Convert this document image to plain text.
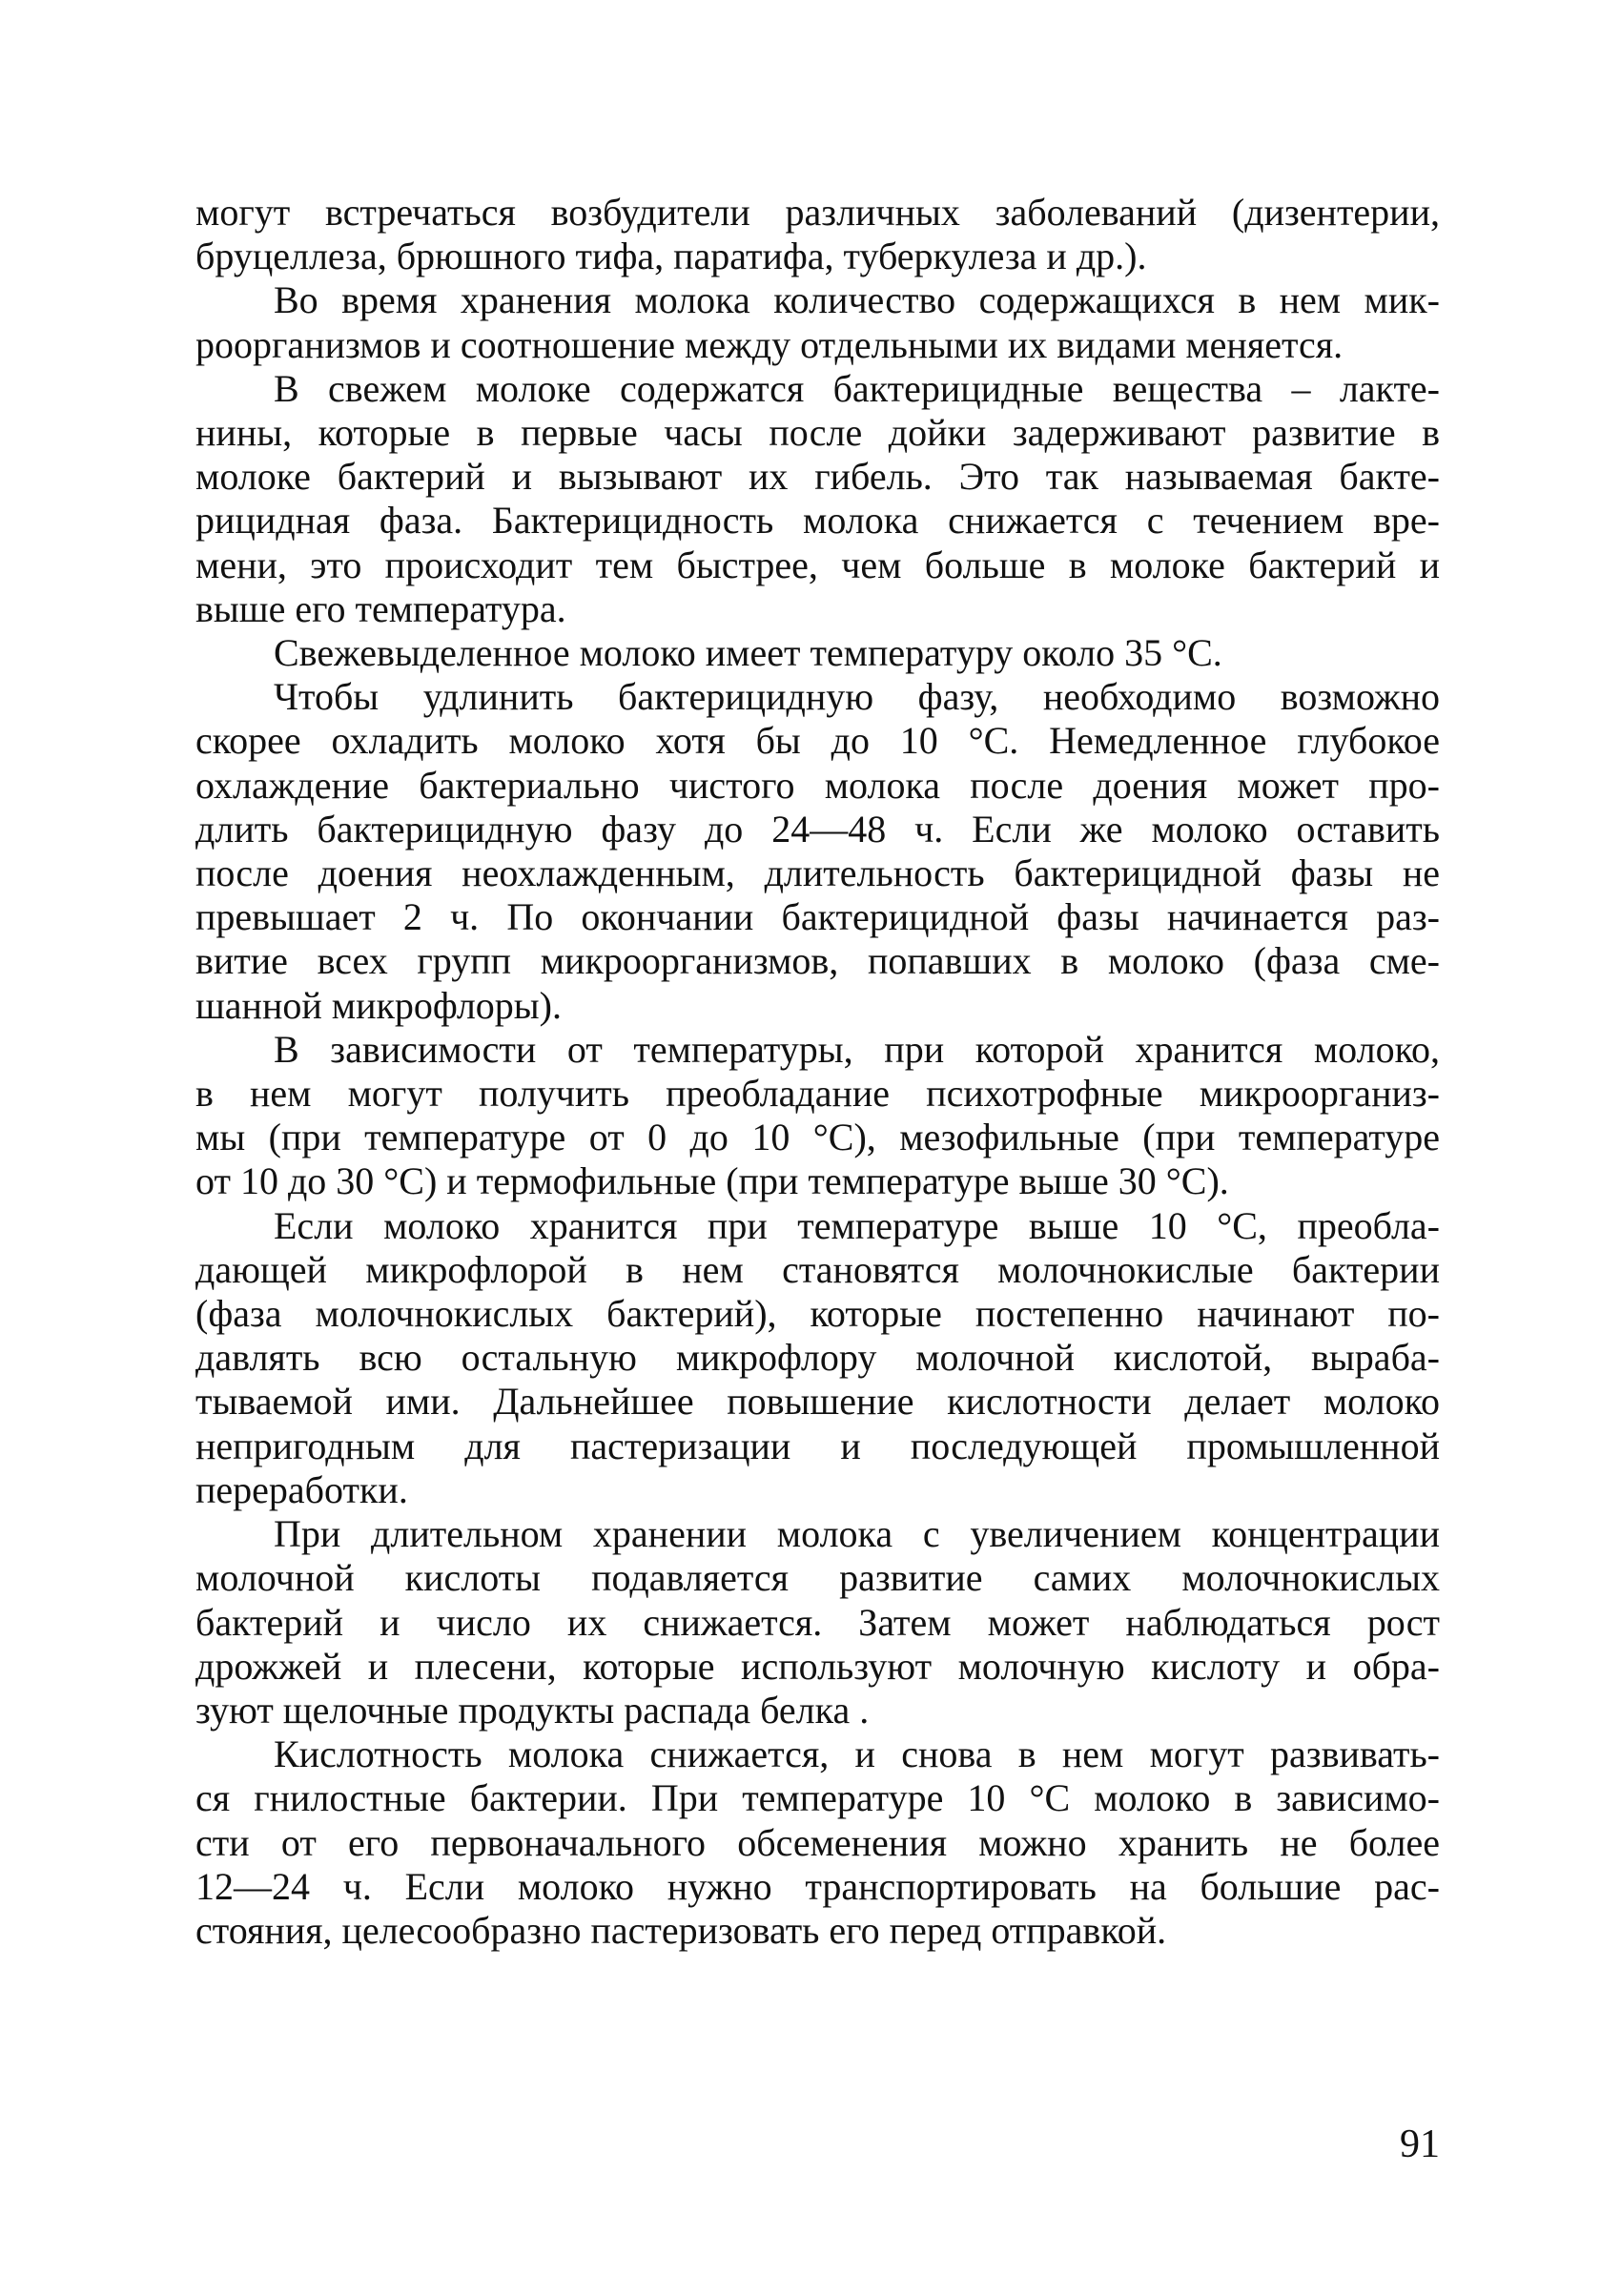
могут встречаться возбудители различных заболеваний (дизентерии,
бруцеллеза, брюшного тифа, паратифа, туберкулеза и др.).

Во время хранения молока количество содержащихся в нем мик-
роорганизмов и соотношение между отдельными их видами меняется.

В свежем молоке содержатся бактерицидные вещества – лакте-
нины, которые в первые часы после дойки задерживают развитие в
молоке бактерий и вызывают их гибель. Это так называемая бакте-
рицидная фаза. Бактерицидность молока снижается с течением вре-
мени, это происходит тем быстрее, чем больше в молоке бактерий и
выше его температура.

Свежевыделенное молоко имеет температуру около 35 °С.

Чтобы удлинить бактерицидную фазу, необходимо возможно
скорее охладить молоко хотя бы до 10 °С. Немедленное глубокое
охлаждение бактериально чистого молока после доения может про-
длить бактерицидную фазу до 24—48 ч. Если же молоко оставить
после доения неохлажденным, длительность бактерицидной фазы не
превышает 2 ч. По окончании бактерицидной фазы начинается раз-
витие всех групп микроорганизмов, попавших в молоко (фаза сме-
шанной микрофлоры).

В зависимости от температуры, при которой хранится молоко,
в нем могут получить преобладание психотрофные микроорганиз-
мы (при температуре от 0 до 10 °С), мезофильные (при температуре
от 10 до 30 °С) и термофильные (при температуре выше 30 °С).

Если молоко хранится при температуре выше 10 °С, преобла-
дающей микрофлорой в нем становятся молочнокислые бактерии
(фаза молочнокислых бактерий), которые постепенно начинают по-
давлять всю остальную микрофлору молочной кислотой, выраба-
тываемой ими. Дальнейшее повышение кислотности делает молоко
непригодным для пастеризации и последующей промышленной
переработки.

При длительном хранении молока с увеличением концентрации
молочной кислоты подавляется развитие самих молочнокислых
бактерий и число их снижается. Затем может наблюдаться рост
дрожжей и плесени, которые используют молочную кислоту и обра-
зуют щелочные продукты распада белка .

Кислотность молока снижается, и снова в нем могут развивать-
ся гнилостные бактерии. При температуре 10 °С молоко в зависимо-
сти от его первоначального обсеменения можно хранить не более
12—24 ч. Если молоко нужно транспортировать на большие рас-
стояния, целесообразно пастеризовать его перед отправкой.

91
